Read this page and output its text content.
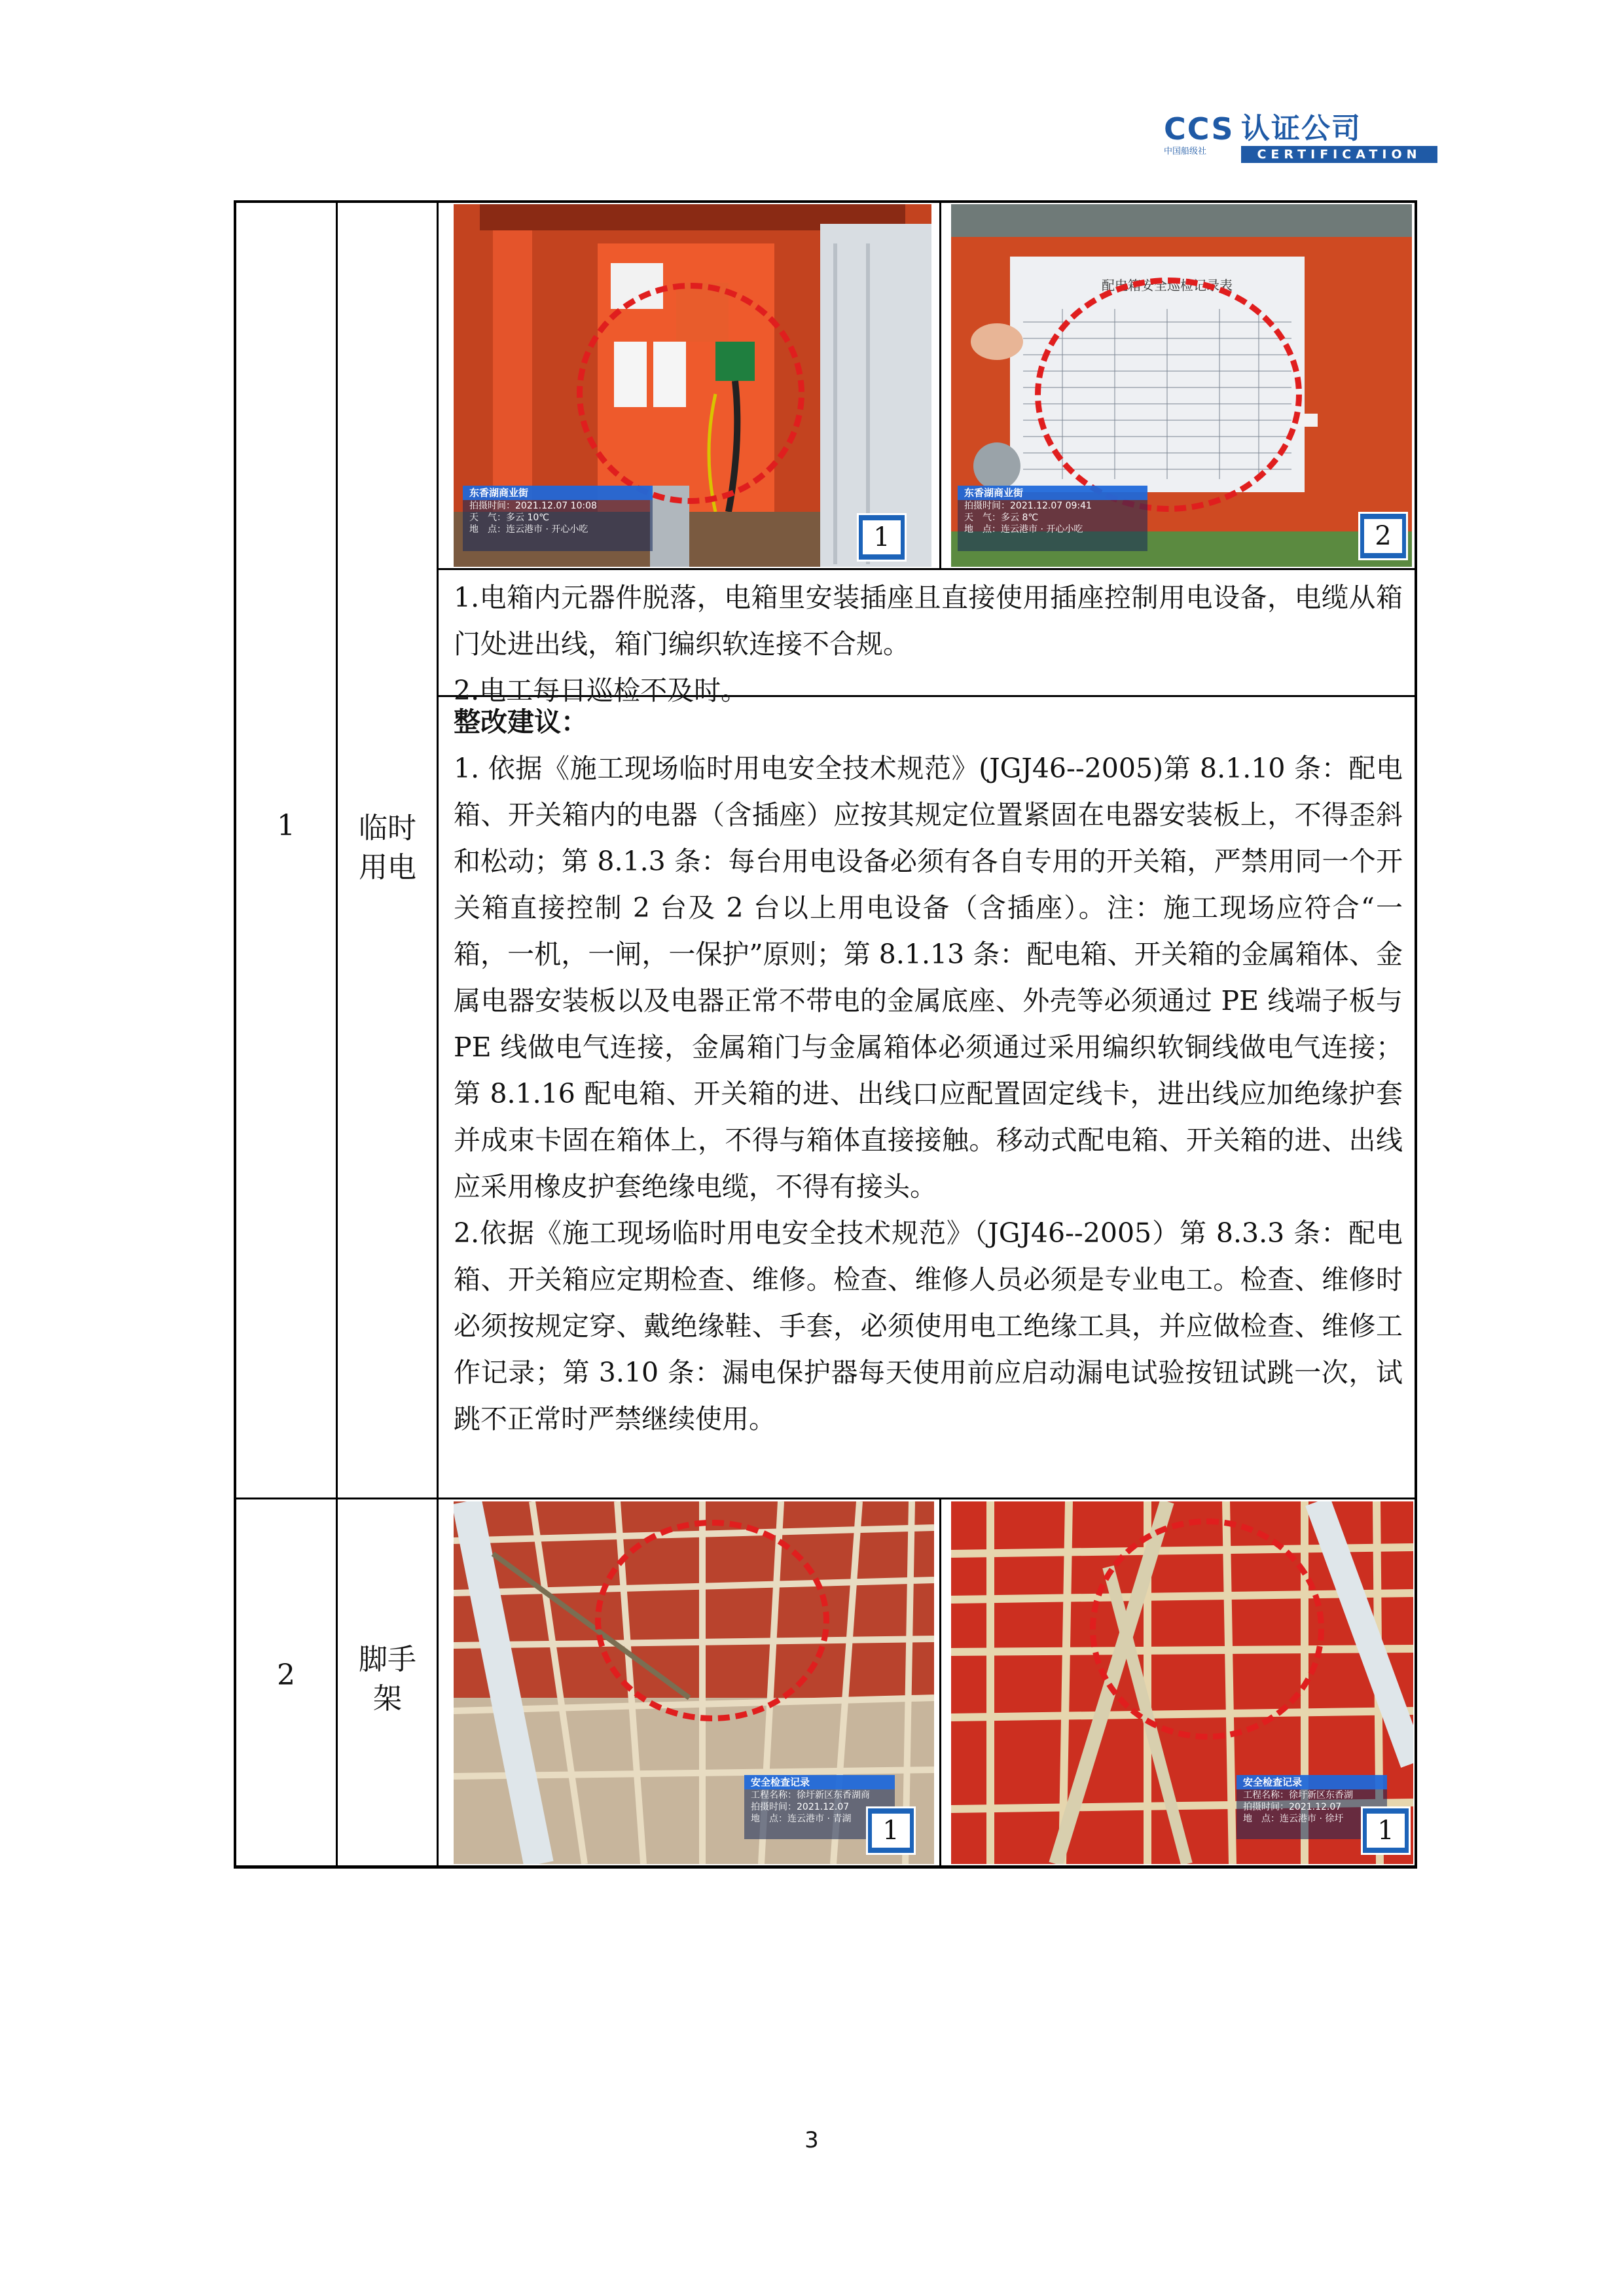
CCS 认证公司
中国船级社	CERTIFICATION
1	临时用电
东香湖商业街
拍摄时间：2021.12.07 10:08
天　气：多云 10℃
地　点：连云港市 · 开心小吃	1
配电箱安全巡检记录表
东香湖商业街
拍摄时间：2021.12.07 09:41
天　气：多云 8℃
地　点：连云港市 · 开心小吃	2
1.电箱内元器件脱落，电箱里安装插座且直接使用插座控制用电设备，电缆从箱门处进出线，箱门编织软连接不合规。
2.电工每日巡检不及时。
整改建议：
1. 依据《施工现场临时用电安全技术规范》(JGJ46--2005)第 8.1.10 条：配电箱、开关箱内的电器（含插座）应按其规定位置紧固在电器安装板上，不得歪斜和松动；第 8.1.3 条：每台用电设备必须有各自专用的开关箱，严禁用同一个开关箱直接控制 2 台及 2 台以上用电设备（含插座）。注：施工现场应符合“一箱，一机，一闸，一保护”原则；第 8.1.13 条：配电箱、开关箱的金属箱体、金属电器安装板以及电器正常不带电的金属底座、外壳等必须通过 PE 线端子板与 PE 线做电气连接，金属箱门与金属箱体必须通过采用编织软铜线做电气连接；第 8.1.16 配电箱、开关箱的进、出线口应配置固定线卡，进出线应加绝缘护套并成束卡固在箱体上，不得与箱体直接接触。移动式配电箱、开关箱的进、出线应采用橡皮护套绝缘电缆，不得有接头。
2.依据《施工现场临时用电安全技术规范》（JGJ46--2005）第 8.3.3 条：配电箱、开关箱应定期检查、维修。检查、维修人员必须是专业电工。检查、维修时必须按规定穿、戴绝缘鞋、手套，必须使用电工绝缘工具，并应做检查、维修工作记录；第 3.10 条：漏电保护器每天使用前应启动漏电试验按钮试跳一次，试跳不正常时严禁继续使用。
2	脚手架
安全检查记录
工程名称：徐圩新区东香湖商
拍摄时间：2021.12.07
地　点：连云港市 · 青湖	1
安全检查记录
工程名称：徐圩新区东香湖
拍摄时间：2021.12.07
地　点：连云港市 · 徐圩	1
3
